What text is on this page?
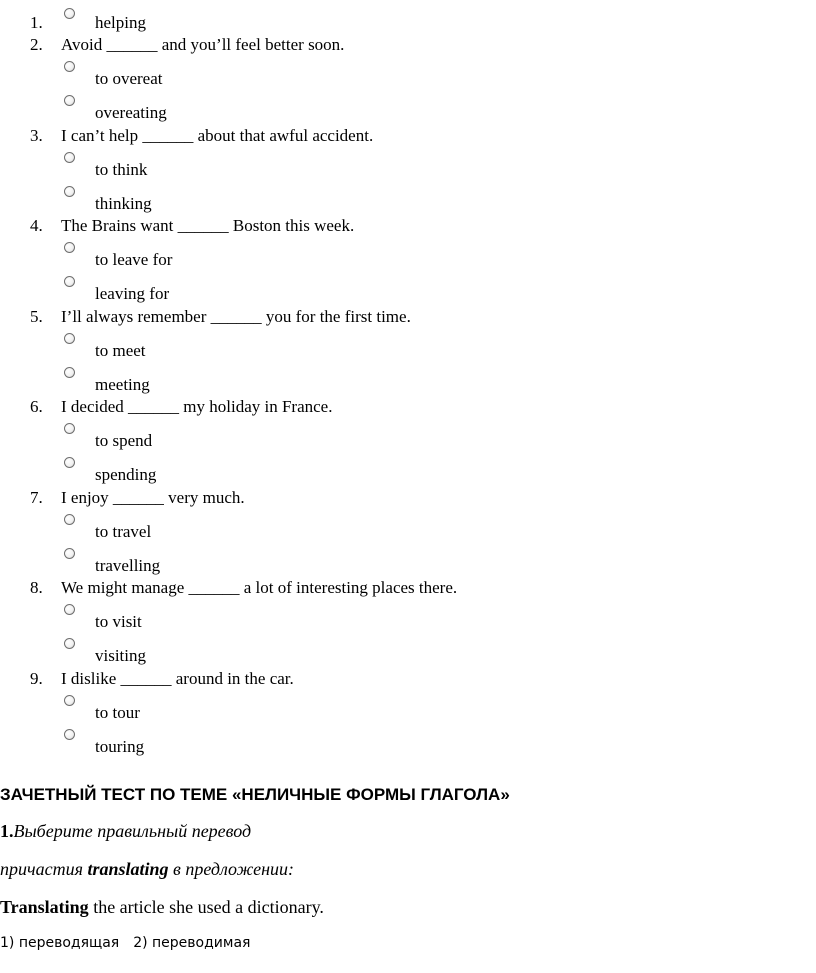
1.	helping
2.	Avoid ______ and you’ll feel better soon.
to overeat
overeating
3.	I can’t help ______ about that awful accident.
to think
thinking
4.	The Brains want ______ Boston this week.
to leave for
leaving for
5.	I’ll always remember ______ you for the first time.
to meet
meeting
6.	I decided ______ my holiday in France.
to spend
spending
7.	I enjoy ______ very much.
to travel
travelling
8.	We might manage ______ a lot of interesting places there.
to visit
visiting
9.	I dislike ______ around in the car.
to tour
touring
ЗАЧЕТНЫЙ ТЕСТ ПО ТЕМЕ «НЕЛИЧНЫЕ ФОРМЫ ГЛАГОЛА»
1.Выберите правильный перевод
причастия translating в предложении:
Translating the article she used a dictionary.
1) переводящая 2) переводимая
